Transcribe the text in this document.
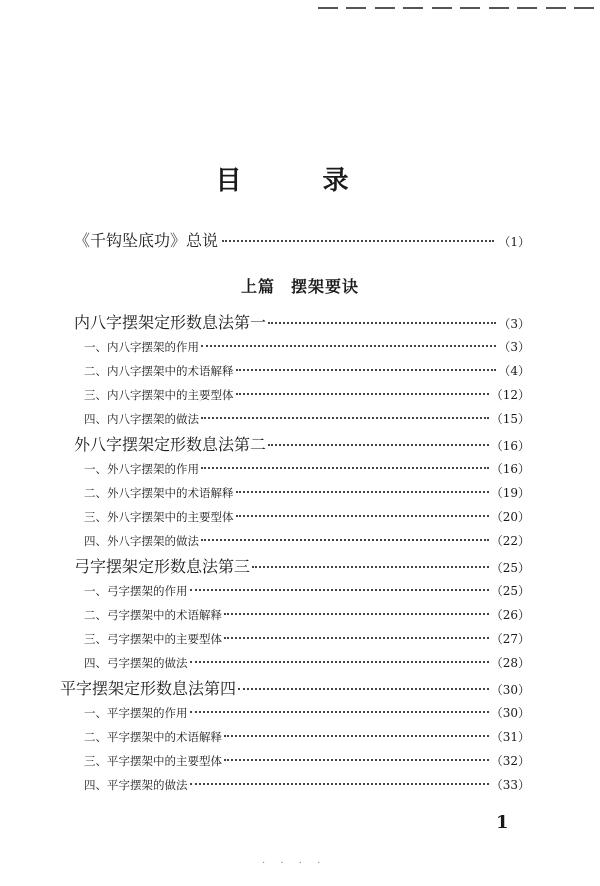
目 录
《千钩坠底功》总说	（1）
上篇 摆架要诀
内八字摆架定形数息法第一	（3）
一、内八字摆架的作用	（3）
二、内八字摆架中的术语解释	（4）
三、内八字摆架中的主要型体	（12）
四、内八字摆架的做法	（15）
外八字摆架定形数息法第二	（16）
一、外八字摆架的作用	（16）
二、外八字摆架中的术语解释	（19）
三、外八字摆架中的主要型体	（20）
四、外八字摆架的做法	（22）
弓字摆架定形数息法第三	（25）
一、弓字摆架的作用	（25）
二、弓字摆架中的术语解释	（26）
三、弓字摆架中的主要型体	（27）
四、弓字摆架的做法	（28）
平字摆架定形数息法第四	（30）
一、平字摆架的作用	（30）
二、平字摆架中的术语解释	（31）
三、平字摆架中的主要型体	（32）
四、平字摆架的做法	（33）
1
· · · ·
